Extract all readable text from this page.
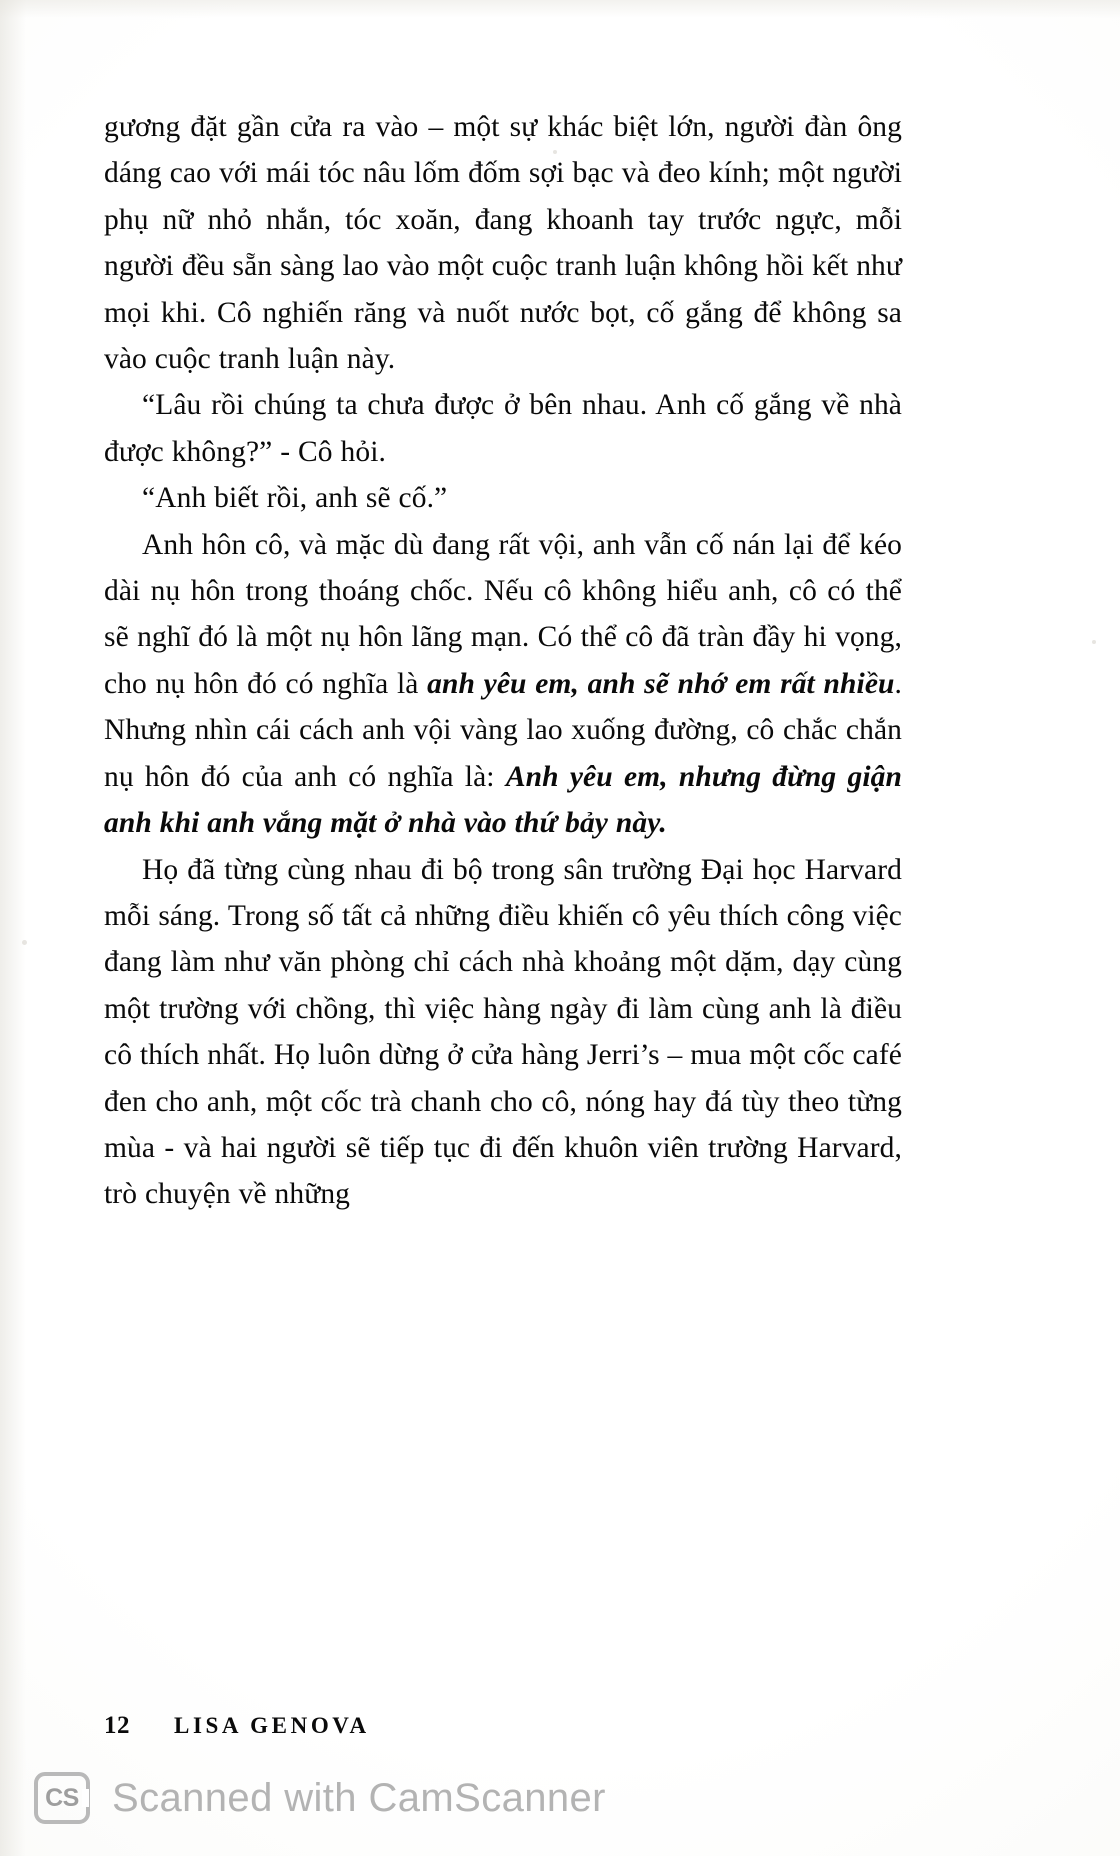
gương đặt gần cửa ra vào – một sự khác biệt lớn, người đàn ông dáng cao với mái tóc nâu lốm đốm sợi bạc và đeo kính; một người phụ nữ nhỏ nhắn, tóc xoăn, đang khoanh tay trước ngực, mỗi người đều sẵn sàng lao vào một cuộc tranh luận không hồi kết như mọi khi. Cô nghiến răng và nuốt nước bọt, cố gắng để không sa vào cuộc tranh luận này.

“Lâu rồi chúng ta chưa được ở bên nhau. Anh cố gắng về nhà được không?” - Cô hỏi.

“Anh biết rồi, anh sẽ cố.”

Anh hôn cô, và mặc dù đang rất vội, anh vẫn cố nán lại để kéo dài nụ hôn trong thoáng chốc. Nếu cô không hiểu anh, cô có thể sẽ nghĩ đó là một nụ hôn lãng mạn. Có thể cô đã tràn đầy hi vọng, cho nụ hôn đó có nghĩa là anh yêu em, anh sẽ nhớ em rất nhiều. Nhưng nhìn cái cách anh vội vàng lao xuống đường, cô chắc chắn nụ hôn đó của anh có nghĩa là: Anh yêu em, nhưng đừng giận anh khi anh vắng mặt ở nhà vào thứ bảy này.

Họ đã từng cùng nhau đi bộ trong sân trường Đại học Harvard mỗi sáng. Trong số tất cả những điều khiến cô yêu thích công việc đang làm như văn phòng chỉ cách nhà khoảng một dặm, dạy cùng một trường với chồng, thì việc hàng ngày đi làm cùng anh là điều cô thích nhất. Họ luôn dừng ở cửa hàng Jerri’s – mua một cốc café đen cho anh, một cốc trà chanh cho cô, nóng hay đá tùy theo từng mùa - và hai người sẽ tiếp tục đi đến khuôn viên trường Harvard, trò chuyện về những

12 LISA GENOVA
CS Scanned with CamScanner
